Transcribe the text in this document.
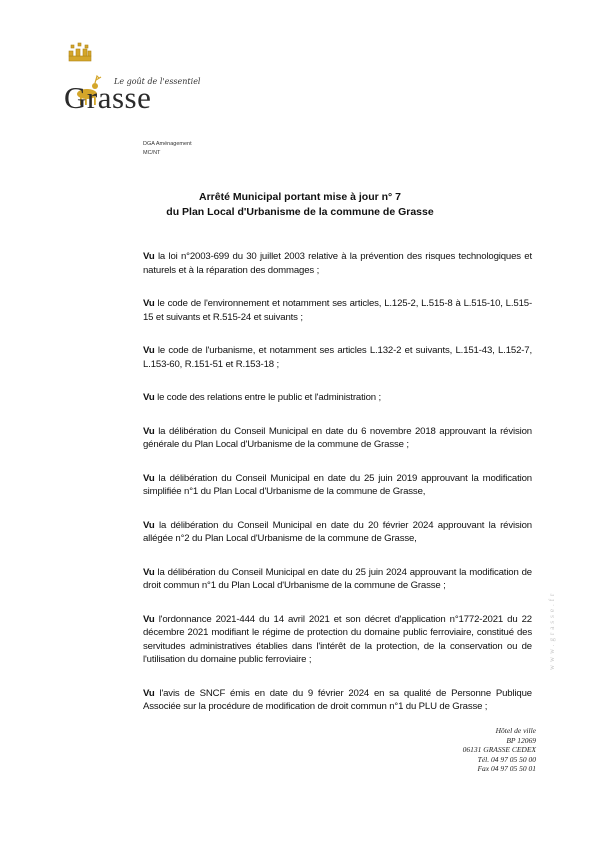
Le goût de l'essentiel
Grasse
DGA Aménagement
MC/NT
Arrêté Municipal portant mise à jour n° 7
du Plan Local d'Urbanisme de la commune de Grasse

Vu la loi n°2003-699 du 30 juillet 2003 relative à la prévention des risques technologiques et naturels et à la réparation des dommages ;

Vu le code de l'environnement et notamment ses articles, L.125-2, L.515-8 à L.515-10, L.515-15 et suivants et R.515-24 et suivants ;

Vu le code de l'urbanisme, et notamment ses articles L.132-2 et suivants, L.151-43, L.152-7, L.153-60, R.151-51 et R.153-18 ;

Vu le code des relations entre le public et l'administration ;

Vu la délibération du Conseil Municipal en date du 6 novembre 2018 approuvant la révision générale du Plan Local d'Urbanisme de la commune de Grasse ;

Vu la délibération du Conseil Municipal en date du 25 juin 2019 approuvant la modification simplifiée n°1 du Plan Local d'Urbanisme de la commune de Grasse,

Vu la délibération du Conseil Municipal en date du 20 février 2024 approuvant la révision allégée n°2 du Plan Local d'Urbanisme de la commune de Grasse,

Vu la délibération du Conseil Municipal en date du 25 juin 2024 approuvant la modification de droit commun n°1 du Plan Local d'Urbanisme de la commune de Grasse ;

Vu l'ordonnance 2021-444 du 14 avril 2021 et son décret d'application n°1772-2021 du 22 décembre 2021 modifiant le régime de protection du domaine public ferroviaire, constitué des servitudes administratives établies dans l'intérêt de la protection, de la conservation ou de l'utilisation du domaine public ferroviaire ;

Vu l'avis de SNCF émis en date du 9 février 2024 en sa qualité de Personne Publique Associée sur la procédure de modification de droit commun n°1 du PLU de Grasse ;

www.grasse.fr
Hôtel de ville
BP 12069
06131 GRASSE CEDEX
Tél. 04 97 05 50 00
Fax 04 97 05 50 01
